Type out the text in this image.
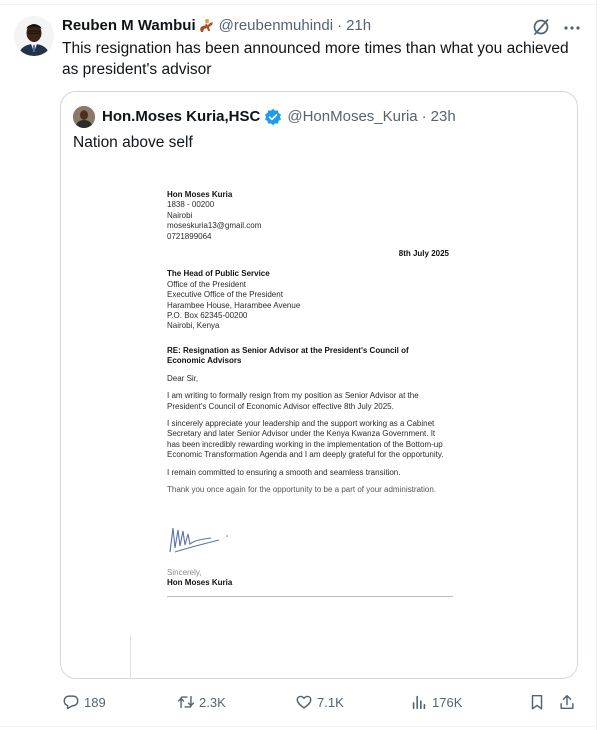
Reuben M Wambui @reubenmuhindi · 21h
This resignation has been announced more times than what you achieved as president's advisor
Hon.Moses Kuria,HSC @HonMoses_Kuria · 23h
Nation above self
Hon Moses Kuria
1838 - 00200
Nairobi
moseskuria13@gmail.com
0721899064
8th July 2025
The Head of Public Service
Office of the President
Executive Office of the President
Harambee House, Harambee Avenue
P.O. Box 62345-00200
Nairobi, Kenya

RE: Resignation as Senior Advisor at the President's Council of Economic Advisors

Dear Sir,

I am writing to formally resign from my position as Senior Advisor at the President's Council of Economic Advisor effective 8th July 2025.

I sincerely appreciate your leadership and the support working as a Cabinet Secretary and later Senior Advisor under the Kenya Kwanza Government. It has been incredibly rewarding working in the implementation of the Bottom-up Economic Transformation Agenda and I am deeply grateful for the opportunity.

I remain committed to ensuring a smooth and seamless transition.

Thank you once again for the opportunity to be a part of your administration.

Sincerely,
Hon Moses Kuria
189	2.3K	7.1K	176K
